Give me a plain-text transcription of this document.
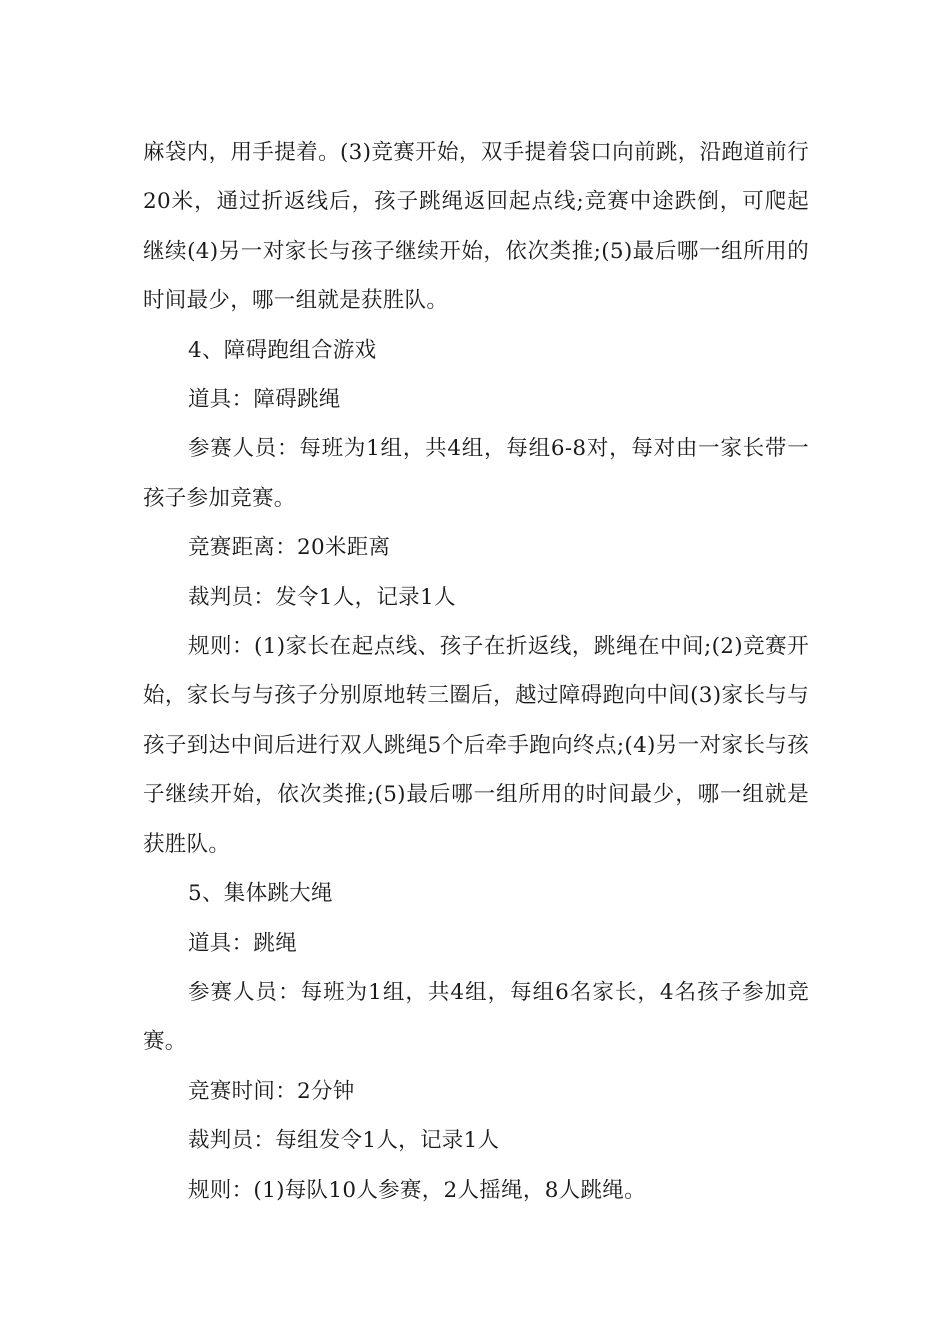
麻袋内，用手提着。(3)竞赛开始，双手提着袋口向前跳，沿跑道前行20米，通过折返线后，孩子跳绳返回起点线;竞赛中途跌倒，可爬起继续(4)另一对家长与孩子继续开始，依次类推;(5)最后哪一组所用的时间最少，哪一组就是获胜队。

4、障碍跑组合游戏

道具：障碍跳绳

参赛人员：每班为1组，共4组，每组6-8对，每对由一家长带一孩子参加竞赛。

竞赛距离：20米距离

裁判员：发令1人，记录1人

规则：(1)家长在起点线、孩子在折返线，跳绳在中间;(2)竞赛开始，家长与与孩子分别原地转三圈后，越过障碍跑向中间(3)家长与与孩子到达中间后进行双人跳绳5个后牵手跑向终点;(4)另一对家长与孩子继续开始，依次类推;(5)最后哪一组所用的时间最少，哪一组就是获胜队。

5、集体跳大绳

道具：跳绳

参赛人员：每班为1组，共4组，每组6名家长，4名孩子参加竞赛。

竞赛时间：2分钟

裁判员：每组发令1人，记录1人

规则：(1)每队10人参赛，2人摇绳，8人跳绳。
